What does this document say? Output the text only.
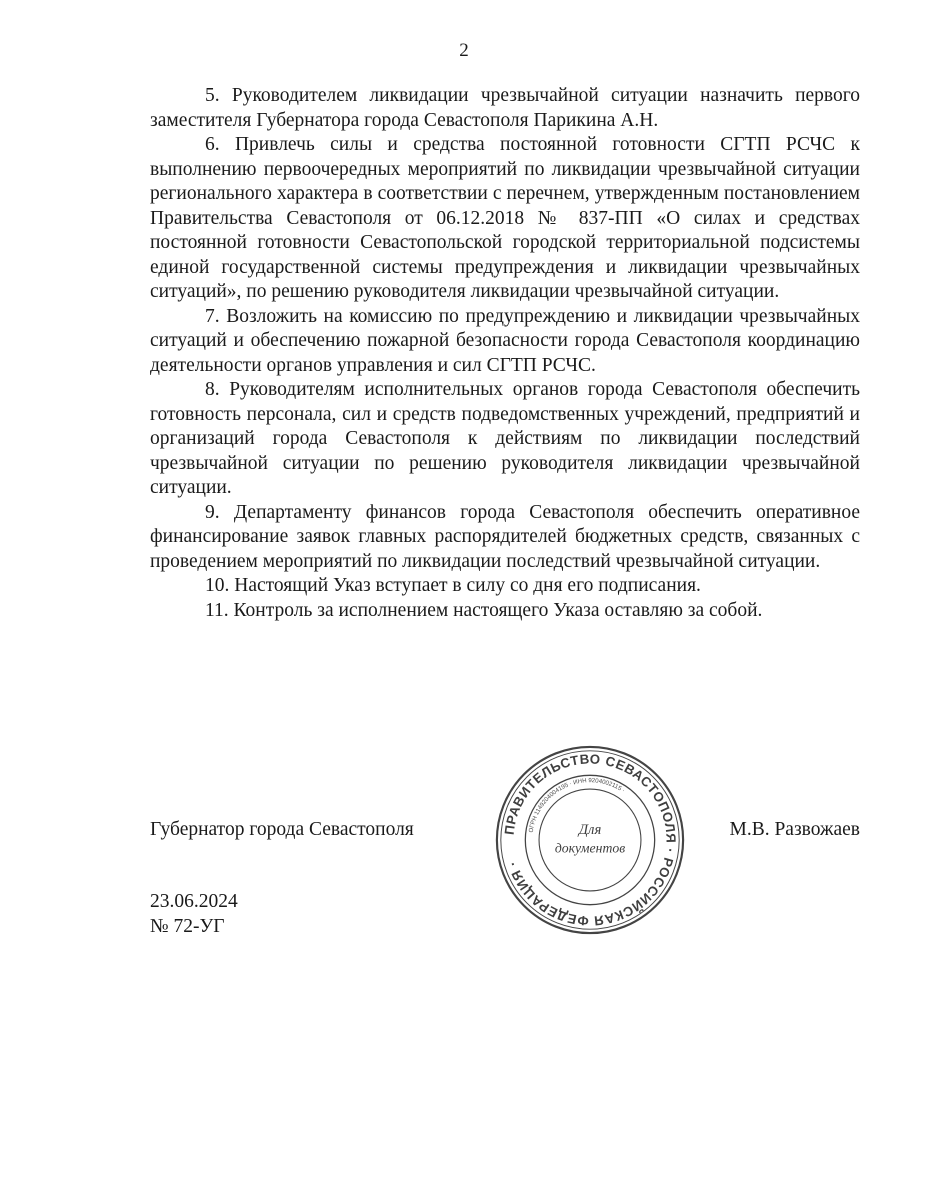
2

5. Руководителем ликвидации чрезвычайной ситуации назначить первого заместителя Губернатора города Севастополя Парикина А.Н.

6. Привлечь силы и средства постоянной готовности СГТП РСЧС к выполнению первоочередных мероприятий по ликвидации чрезвычайной ситуации регионального характера в соответствии с перечнем, утвержденным постановлением Правительства Севастополя от 06.12.2018 № 837-ПП «О силах и средствах постоянной готовности Севастопольской городской территориальной подсистемы единой государственной системы предупреждения и ликвидации чрезвычайных ситуаций», по решению руководителя ликвидации чрезвычайной ситуации.

7. Возложить на комиссию по предупреждению и ликвидации чрезвычайных ситуаций и обеспечению пожарной безопасности города Севастополя координацию деятельности органов управления и сил СГТП РСЧС.

8. Руководителям исполнительных органов города Севастополя обеспечить готовность персонала, сил и средств подведомственных учреждений, предприятий и организаций города Севастополя к действиям по ликвидации последствий чрезвычайной ситуации по решению руководителя ликвидации чрезвычайной ситуации.

9. Департаменту финансов города Севастополя обеспечить оперативное финансирование заявок главных распорядителей бюджетных средств, связанных с проведением мероприятий по ликвидации последствий чрезвычайной ситуации.

10. Настоящий Указ вступает в силу со дня его подписания.

11. Контроль за исполнением настоящего Указа оставляю за собой.

Губернатор города Севастополя	М.В. Развожаев
ПРАВИТЕЛЬСТВО СЕВАСТОПОЛЯ · РОССИЙСКАЯ ФЕДЕРАЦИЯ ·
ОГРН 1149204004195 · ИНН 9204002115 ·
Для
документов
23.06.2024
№ 72-УГ
